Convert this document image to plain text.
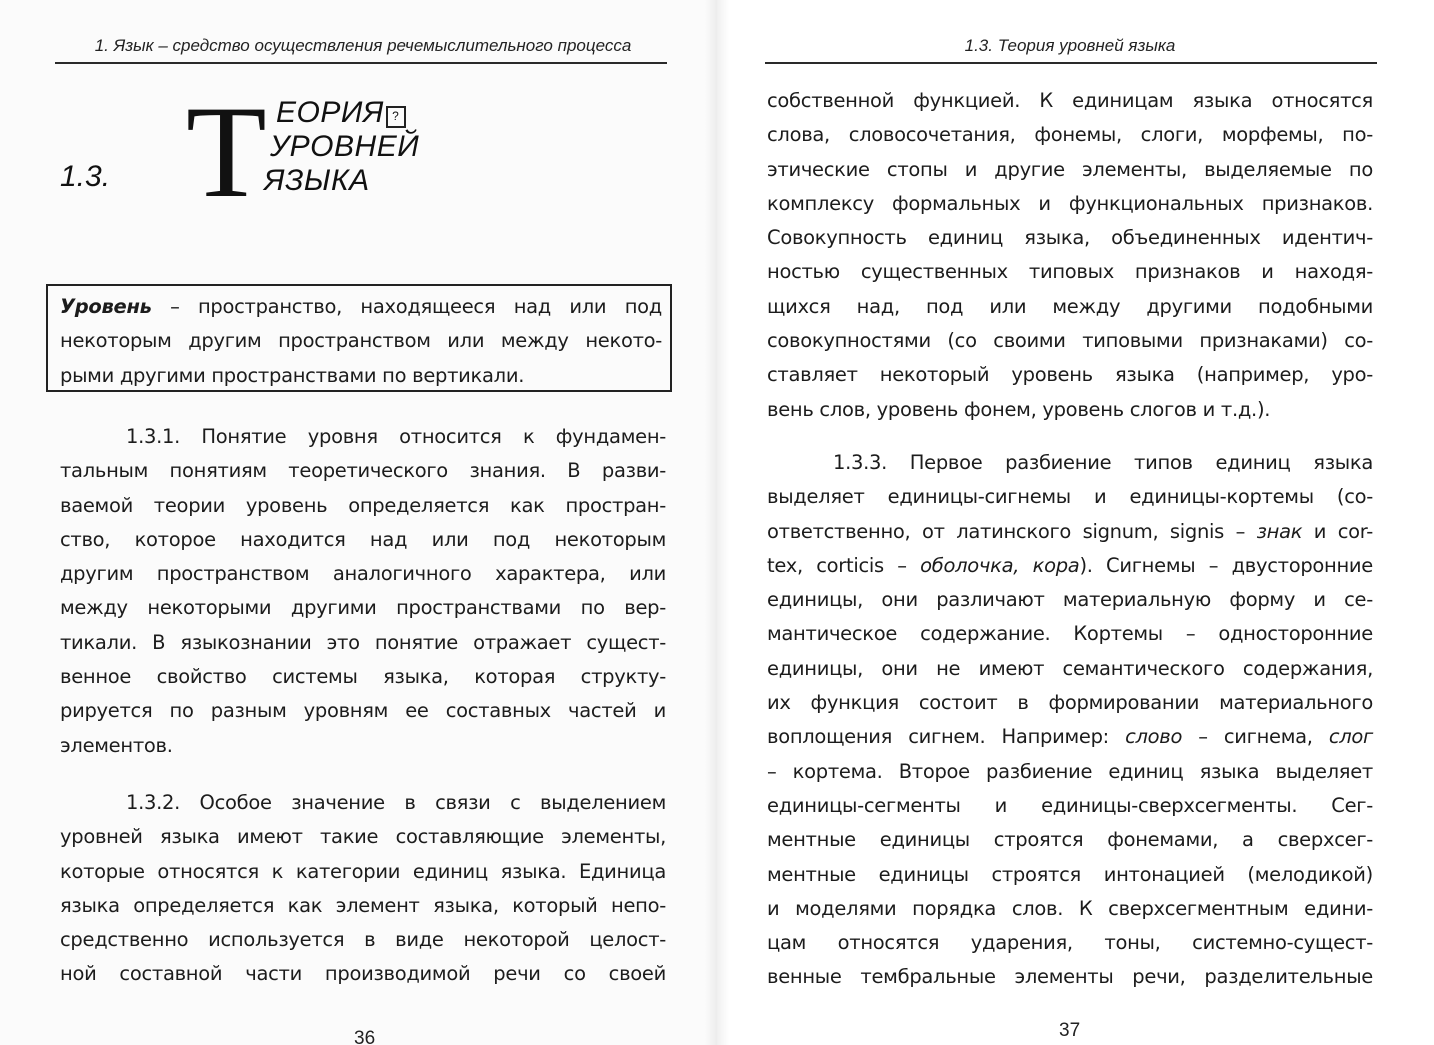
1. Язык – средство осуществления речемыслительного процесса
1.3. Т ЕОРИЯ ?
УРОВНЕЙ
ЯЗЫКА
Уровень – пространство, находящееся над или под
некоторым другим пространством или между некото-
рыми другими пространствами по вертикали.
1.3.1. Понятие уровня относится к фундамен-
тальным понятиям теоретического знания. В разви-
ваемой теории уровень определяется как простран-
ство, которое находится над или под некоторым
другим пространством аналогичного характера, или
между некоторыми другими пространствами по вер-
тикали. В языкознании это понятие отражает сущест-
венное свойство системы языка, которая структу-
рируется по разным уровням ее составных частей и
элементов.
1.3.2. Особое значение в связи с выделением
уровней языка имеют такие составляющие элементы,
которые относятся к категории единиц языка. Единица
языка определяется как элемент языка, который непо-
средственно используется в виде некоторой целост-
ной составной части производимой речи со своей
36
1.3. Теория уровней языка
собственной функцией. К единицам языка относятся
слова, словосочетания, фонемы, слоги, морфемы, по-
этические стопы и другие элементы, выделяемые по
комплексу формальных и функциональных признаков.
Совокупность единиц языка, объединенных идентич-
ностью существенных типовых признаков и находя-
щихся над, под или между другими подобными
совокупностями (со своими типовыми признаками) со-
ставляет некоторый уровень языка (например, уро-
вень слов, уровень фонем, уровень слогов и т.д.).
1.3.3. Первое разбиение типов единиц языка
выделяет единицы-сигнемы и единицы-кортемы (со-
ответственно, от латинского signum, signis – знак и cor-
tex, corticis – оболочка, кора). Сигнемы – двусторонние
единицы, они различают материальную форму и се-
мантическое содержание. Кортемы – односторонние
единицы, они не имеют семантического содержания,
их функция состоит в формировании материального
воплощения сигнем. Например: слово – сигнема, слог
– кортема. Второе разбиение единиц языка выделяет
единицы-сегменты и единицы-сверхсегменты. Сег-
ментные единицы строятся фонемами, а сверхсег-
ментные единицы строятся интонацией (мелодикой)
и моделями порядка слов. К сверхсегментным едини-
цам относятся ударения, тоны, системно-сущест-
венные тембральные элементы речи, разделительные
37
